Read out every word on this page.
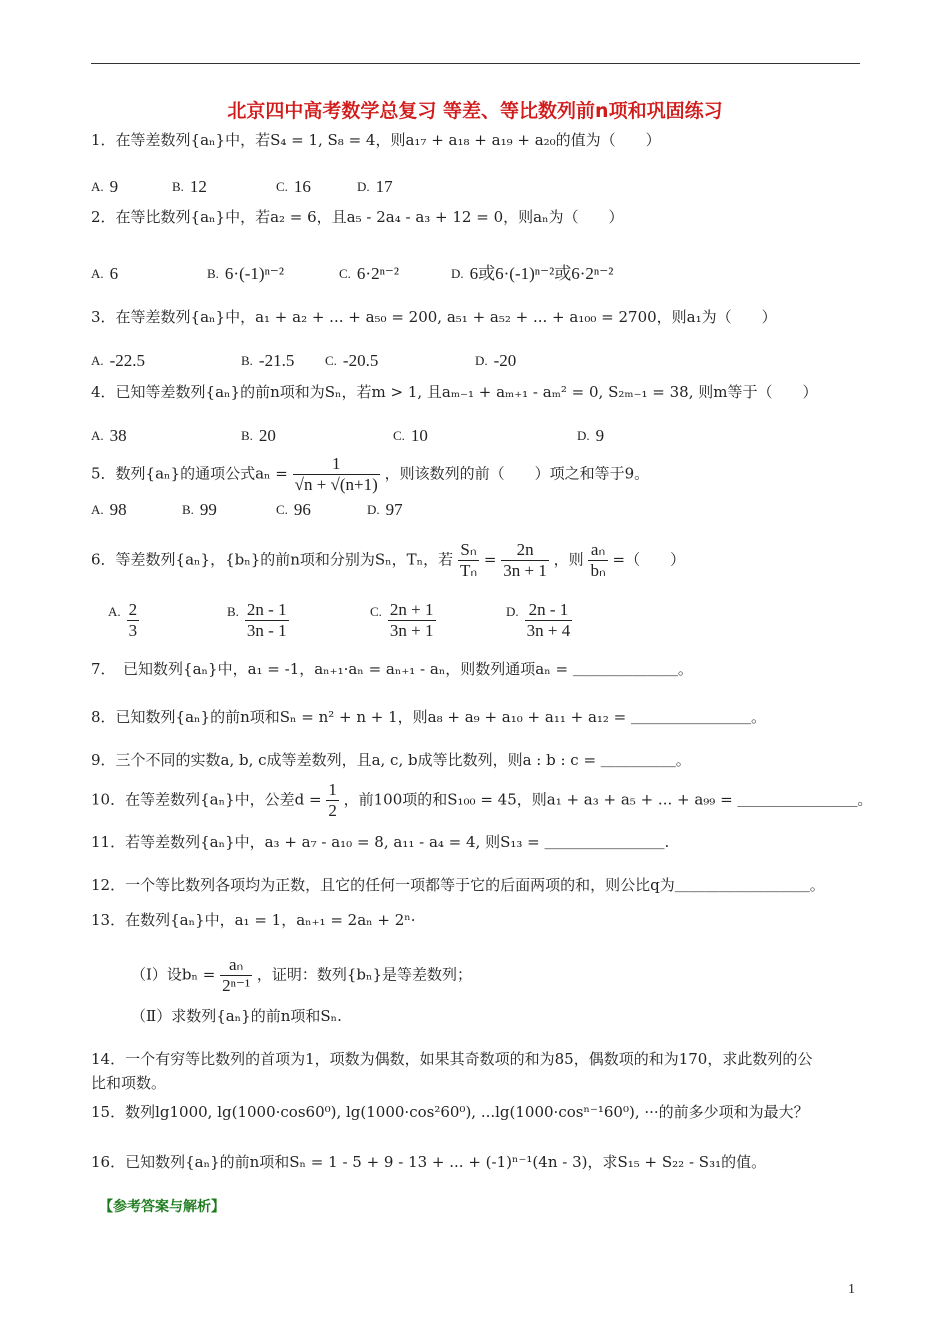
北京四中高考数学总复习 等差、等比数列前n项和巩固练习
1．在等差数列{aₙ}中，若S₄ = 1, S₈ = 4，则a₁₇ + a₁₈ + a₁₉ + a₂₀的值为（　　）
A. 9	B. 12	C. 16	D. 17
2．在等比数列{aₙ}中，若a₂ = 6，且a₅ - 2a₄ - a₃ + 12 = 0，则aₙ为（　　）
A. 6	B. 6·(-1)ⁿ⁻²	C. 6·2ⁿ⁻²	D. 6或6·(-1)ⁿ⁻²或6·2ⁿ⁻²
3．在等差数列{aₙ}中，a₁ + a₂ + ... + a₅₀ = 200, a₅₁ + a₅₂ + ... + a₁₀₀ = 2700，则a₁为（　　）
A. -22.5	B. -21.5 C. -20.5	D. -20
4．已知等差数列{aₙ}的前n项和为Sₙ，若m > 1, 且aₘ₋₁ + aₘ₊₁ - aₘ² = 0, S₂ₘ₋₁ = 38, 则m等于（　　）
A. 38	B. 20	C. 10	D. 9
5．数列{aₙ}的通项公式$a_n = \frac{1}{√n + √(n+1)}$ ，则该数列的前（　　）项之和等于9。
A. 98	B. 99	C. 96	D. 97
6．等差数列{aₙ}，{bₙ}的前n项和分别为Sₙ，Tₙ，若 $\frac{\text{Sₙ}}{\text{Tₙ}} = \frac{2n}{3n + 1}$ ，则 $\frac{\text{aₙ}}{\text{bₙ}}$ =（　　）
A. $\frac{2}{3}$	B. $\frac{2n - 1}{3n - 1}$	C. $\frac{2n + 1}{3n + 1}$	D. $\frac{2n - 1}{3n + 4}$
7．　已知数列{aₙ}中，a₁ = -1，aₙ₊₁·aₙ = aₙ₊₁ - aₙ，则数列通项aₙ = ＿＿＿＿＿＿＿。
8．已知数列{aₙ}的前n项和Sₙ = n² + n + 1，则a₈ + a₉ + a₁₀ + a₁₁ + a₁₂ = ＿＿＿＿＿＿＿＿。
9．三个不同的实数a, b, c成等差数列，且a, c, b成等比数列，则a : b : c = ＿＿＿＿＿。
10．在等差数列{aₙ}中，公差$d = \frac{1}{2}$ ，前100项的和S₁₀₀ = 45，则a₁ + a₃ + a₅ + ... + a₉₉ = ＿＿＿＿＿＿＿＿。
11．若等差数列{aₙ}中，a₃ + a₇ - a₁₀ = 8, a₁₁ - a₄ = 4, 则S₁₃ = ＿＿＿＿＿＿＿＿.
12．一个等比数列各项均为正数，且它的任何一项都等于它的后面两项的和，则公比q为＿＿＿＿＿＿＿＿＿。
13．在数列{aₙ}中，a₁ = 1，aₙ₊₁ = 2aₙ + 2ⁿ·
（Ⅰ）设$b_n = \frac{\text{aₙ}}{\text{2ⁿ⁻¹}}$ ，证明：数列{bₙ}是等差数列；
（Ⅱ）求数列{aₙ}的前n项和Sₙ.
14．一个有穷等比数列的首项为1，项数为偶数，如果其奇数项的和为85，偶数项的和为170，求此数列的公
比和项数。
15．数列lg1000, lg(1000·cos60⁰), lg(1000·cos²60⁰), ...lg(1000·cosⁿ⁻¹60⁰), ···的前多少项和为最大？
16．已知数列{aₙ}的前n项和Sₙ = 1 - 5 + 9 - 13 + ... + (-1)ⁿ⁻¹(4n - 3)，求S₁₅ + S₂₂ - S₃₁的值。
【参考答案与解析】
1
